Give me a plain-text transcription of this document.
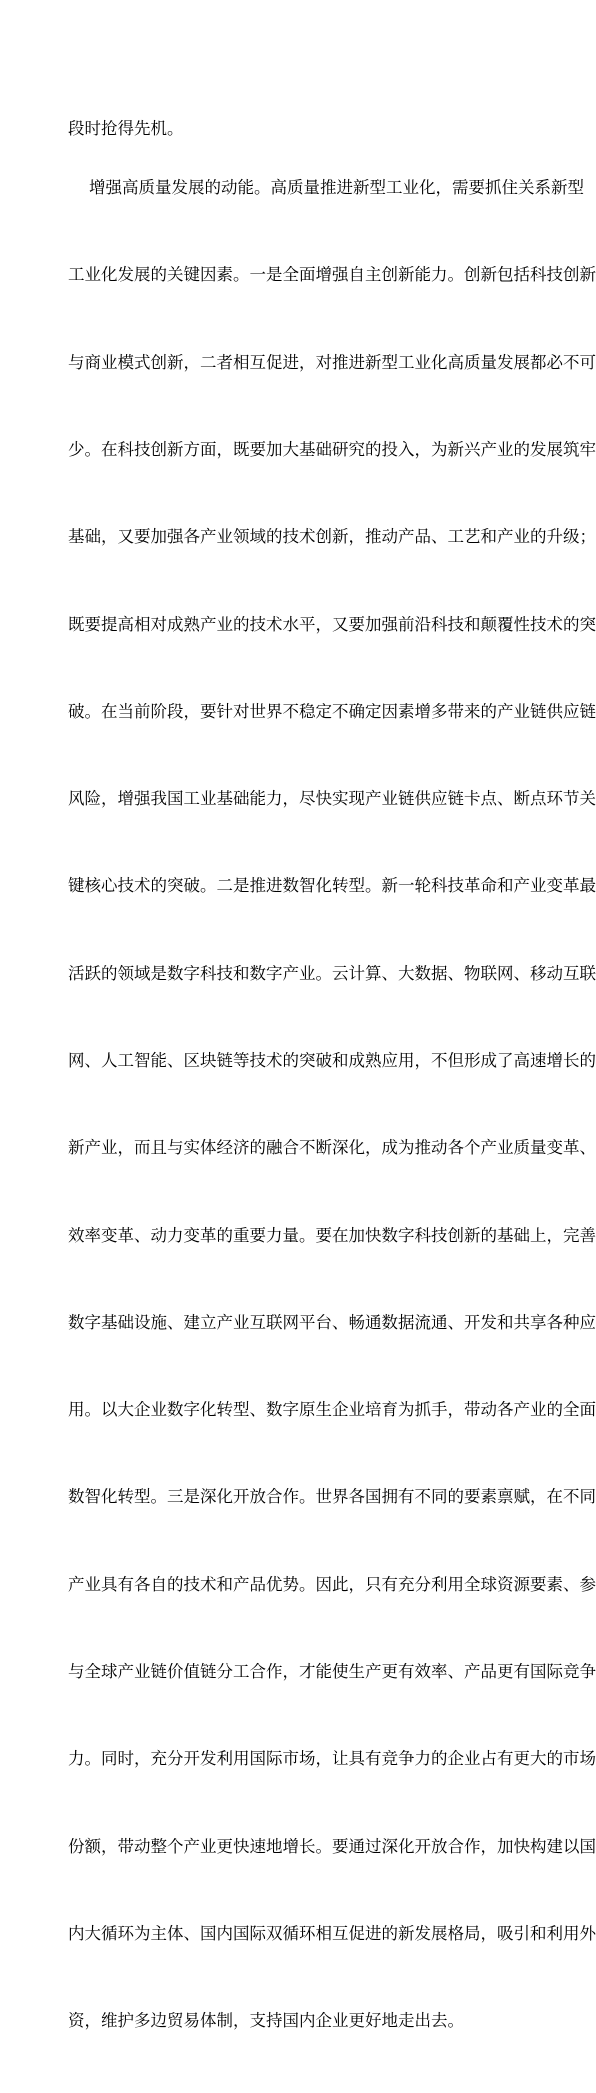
段时抢得先机。

增强高质量发展的动能。高质量推进新型工业化，需要抓住关系新型

工业化发展的关键因素。一是全面增强自主创新能力。创新包括科技创新

与商业模式创新，二者相互促进，对推进新型工业化高质量发展都必不可

少。在科技创新方面，既要加大基础研究的投入，为新兴产业的发展筑牢

基础，又要加强各产业领域的技术创新，推动产品、工艺和产业的升级；

既要提高相对成熟产业的技术水平，又要加强前沿科技和颠覆性技术的突

破。在当前阶段，要针对世界不稳定不确定因素增多带来的产业链供应链

风险，增强我国工业基础能力，尽快实现产业链供应链卡点、断点环节关

键核心技术的突破。二是推进数智化转型。新一轮科技革命和产业变革最

活跃的领域是数字科技和数字产业。云计算、大数据、物联网、移动互联

网、人工智能、区块链等技术的突破和成熟应用，不但形成了高速增长的

新产业，而且与实体经济的融合不断深化，成为推动各个产业质量变革、

效率变革、动力变革的重要力量。要在加快数字科技创新的基础上，完善

数字基础设施、建立产业互联网平台、畅通数据流通、开发和共享各种应

用。以大企业数字化转型、数字原生企业培育为抓手，带动各产业的全面

数智化转型。三是深化开放合作。世界各国拥有不同的要素禀赋，在不同

产业具有各自的技术和产品优势。因此，只有充分利用全球资源要素、参

与全球产业链价值链分工合作，才能使生产更有效率、产品更有国际竞争

力。同时，充分开发利用国际市场，让具有竞争力的企业占有更大的市场

份额，带动整个产业更快速地增长。要通过深化开放合作，加快构建以国

内大循环为主体、国内国际双循环相互促进的新发展格局，吸引和利用外

资，维护多边贸易体制，支持国内企业更好地走出去。
